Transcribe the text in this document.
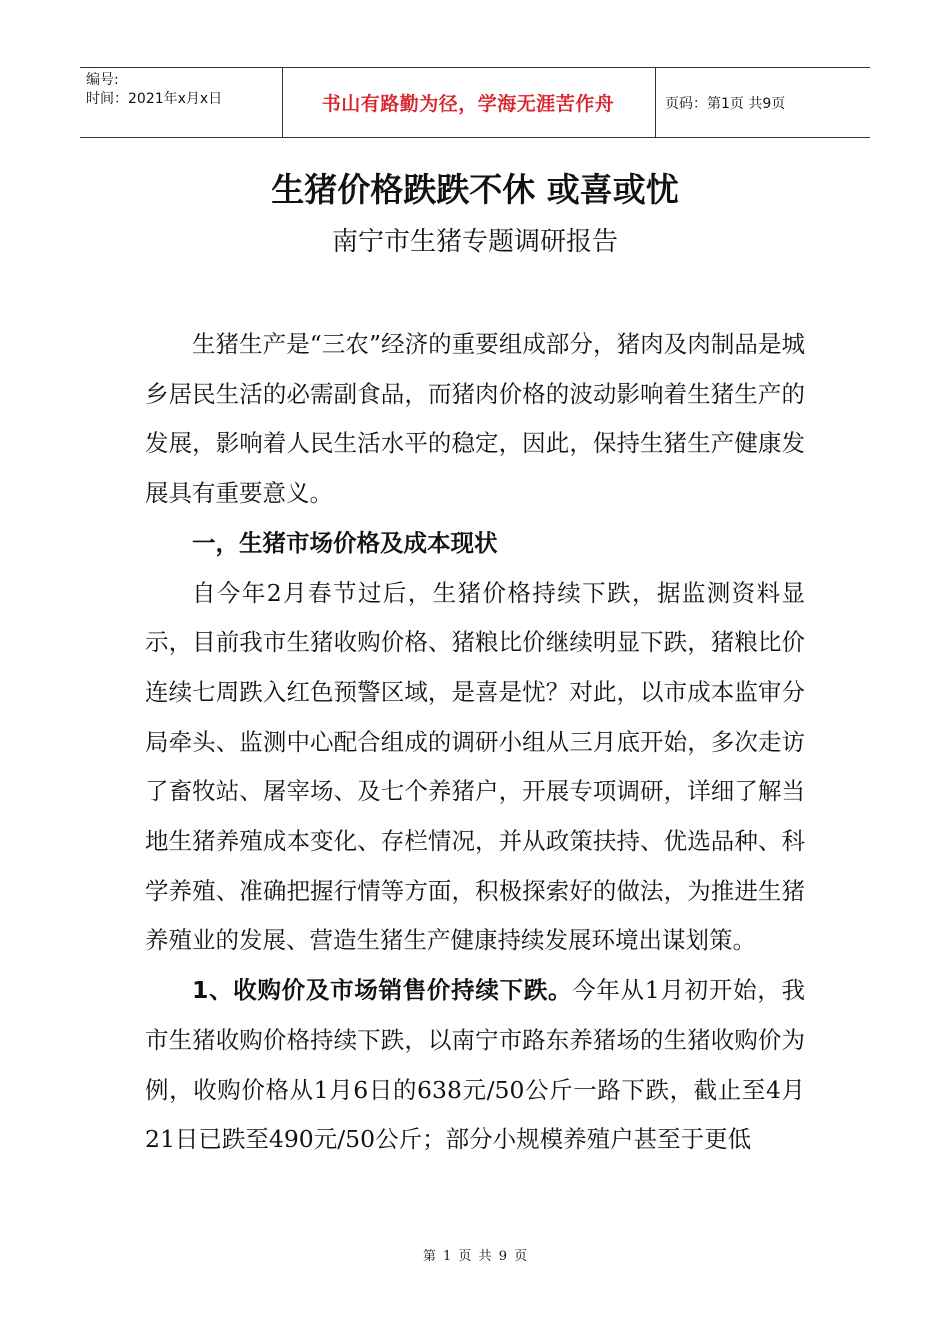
编号:
时间：2021年x月x日	书山有路勤为径，学海无涯苦作舟	页码：第1页 共9页
生猪价格跌跌不休 或喜或忧
南宁市生猪专题调研报告

生猪生产是“三农”经济的重要组成部分，猪肉及肉制品是城乡居民生活的必需副食品，而猪肉价格的波动影响着生猪生产的发展，影响着人民生活水平的稳定，因此，保持生猪生产健康发展具有重要意义。

一，生猪市场价格及成本现状

自今年2月春节过后，生猪价格持续下跌，据监测资料显示，目前我市生猪收购价格、猪粮比价继续明显下跌，猪粮比价连续七周跌入红色预警区域，是喜是忧？对此，以市成本监审分局牵头、监测中心配合组成的调研小组从三月底开始，多次走访了畜牧站、屠宰场、及七个养猪户，开展专项调研，详细了解当地生猪养殖成本变化、存栏情况，并从政策扶持、优选品种、科学养殖、准确把握行情等方面，积极探索好的做法，为推进生猪养殖业的发展、营造生猪生产健康持续发展环境出谋划策。

1、收购价及市场销售价持续下跌。今年从1月初开始，我市生猪收购价格持续下跌，以南宁市路东养猪场的生猪收购价为例，收购价格从1月6日的638元/50公斤一路下跌，截止至4月21日已跌至490元/50公斤；部分小规模养殖户甚至于更低

第 1 页 共 9 页
